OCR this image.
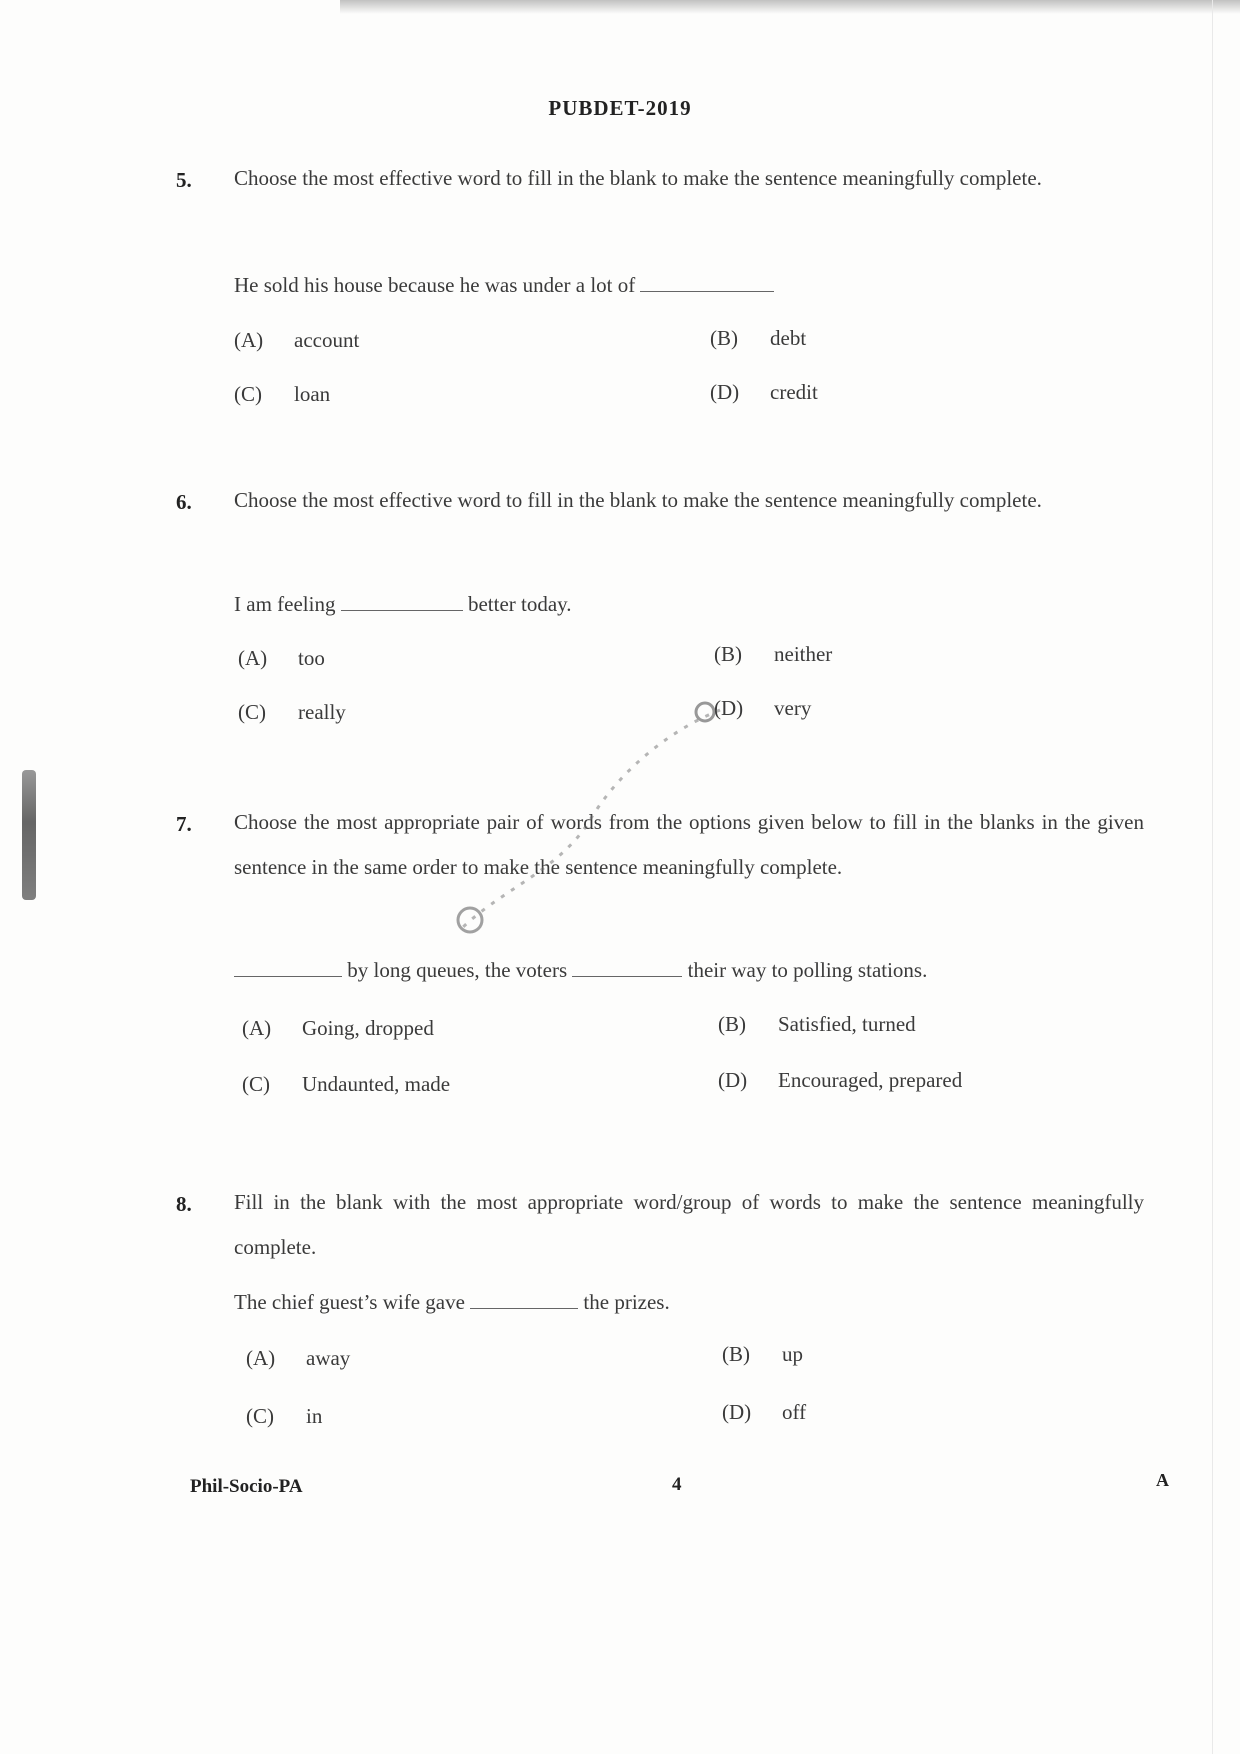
PUBDET-2019
5. Choose the most effective word to fill in the blank to make the sentence meaningfully complete.
He sold his house because he was under a lot of
(A) account	(B) debt
(C) loan	(D) credit
6. Choose the most effective word to fill in the blank to make the sentence meaningfully complete.
I am feeling	better today.
(A) too	(B) neither
(C) really	(D) very
7. Choose the most appropriate pair of words from the options given below to fill in the blanks in the given sentence in the same order to make the sentence meaningfully complete.
by long queues, the voters	their way to polling stations.
(A) Going, dropped	(B) Satisfied, turned
(C) Undaunted, made	(D) Encouraged, prepared
8. Fill in the blank with the most appropriate word/group of words to make the sentence meaningfully complete.
The chief guest’s wife gave	the prizes.
(A) away	(B) up
(C) in	(D) off
Phil-Socio-PA	4	A
